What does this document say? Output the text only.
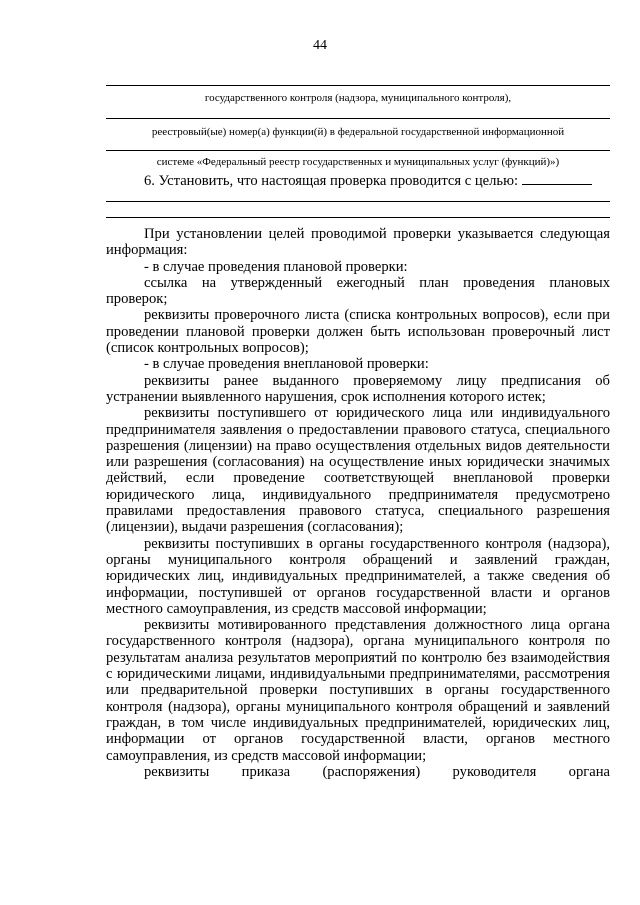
44
государственного контроля (надзора, муниципального контроля),
реестровый(ые) номер(а) функции(й) в федеральной государственной информационной
системе «Федеральный реестр государственных и муниципальных услуг (функций)»)
6. Установить, что настоящая проверка проводится с целью:

При установлении целей проводимой проверки указывается следующая информация:

- в случае проведения плановой проверки:

ссылка на утвержденный ежегодный план проведения плановых проверок;

реквизиты проверочного листа (списка контрольных вопросов), если при проведении плановой проверки должен быть использован проверочный лист (список контрольных вопросов);

- в случае проведения внеплановой проверки:

реквизиты ранее выданного проверяемому лицу предписания об устранении выявленного нарушения, срок исполнения которого истек;

реквизиты поступившего от юридического лица или индивидуального предпринимателя заявления о предоставлении правового статуса, специального разрешения (лицензии) на право осуществления отдельных видов деятельности или разрешения (согласования) на осуществление иных юридически значимых действий, если проведение соответствующей внеплановой проверки юридического лица, индивидуального предпринимателя предусмотрено правилами предоставления правового статуса, специального разрешения (лицензии), выдачи разрешения (согласования);

реквизиты поступивших в органы государственного контроля (надзора), органы муниципального контроля обращений и заявлений граждан, юридических лиц, индивидуальных предпринимателей, а также сведения об информации, поступившей от органов государственной власти и органов местного самоуправления, из средств массовой информации;

реквизиты мотивированного представления должностного лица органа государственного контроля (надзора), органа муниципального контроля по результатам анализа результатов мероприятий по контролю без взаимодействия с юридическими лицами, индивидуальными предпринимателями, рассмотрения или предварительной проверки поступивших в органы государственного контроля (надзора), органы муниципального контроля обращений и заявлений граждан, в том числе индивидуальных предпринимателей, юридических лиц, информации от органов государственной власти, органов местного самоуправления, из средств массовой информации;

реквизиты приказа (распоряжения) руководителя органа
